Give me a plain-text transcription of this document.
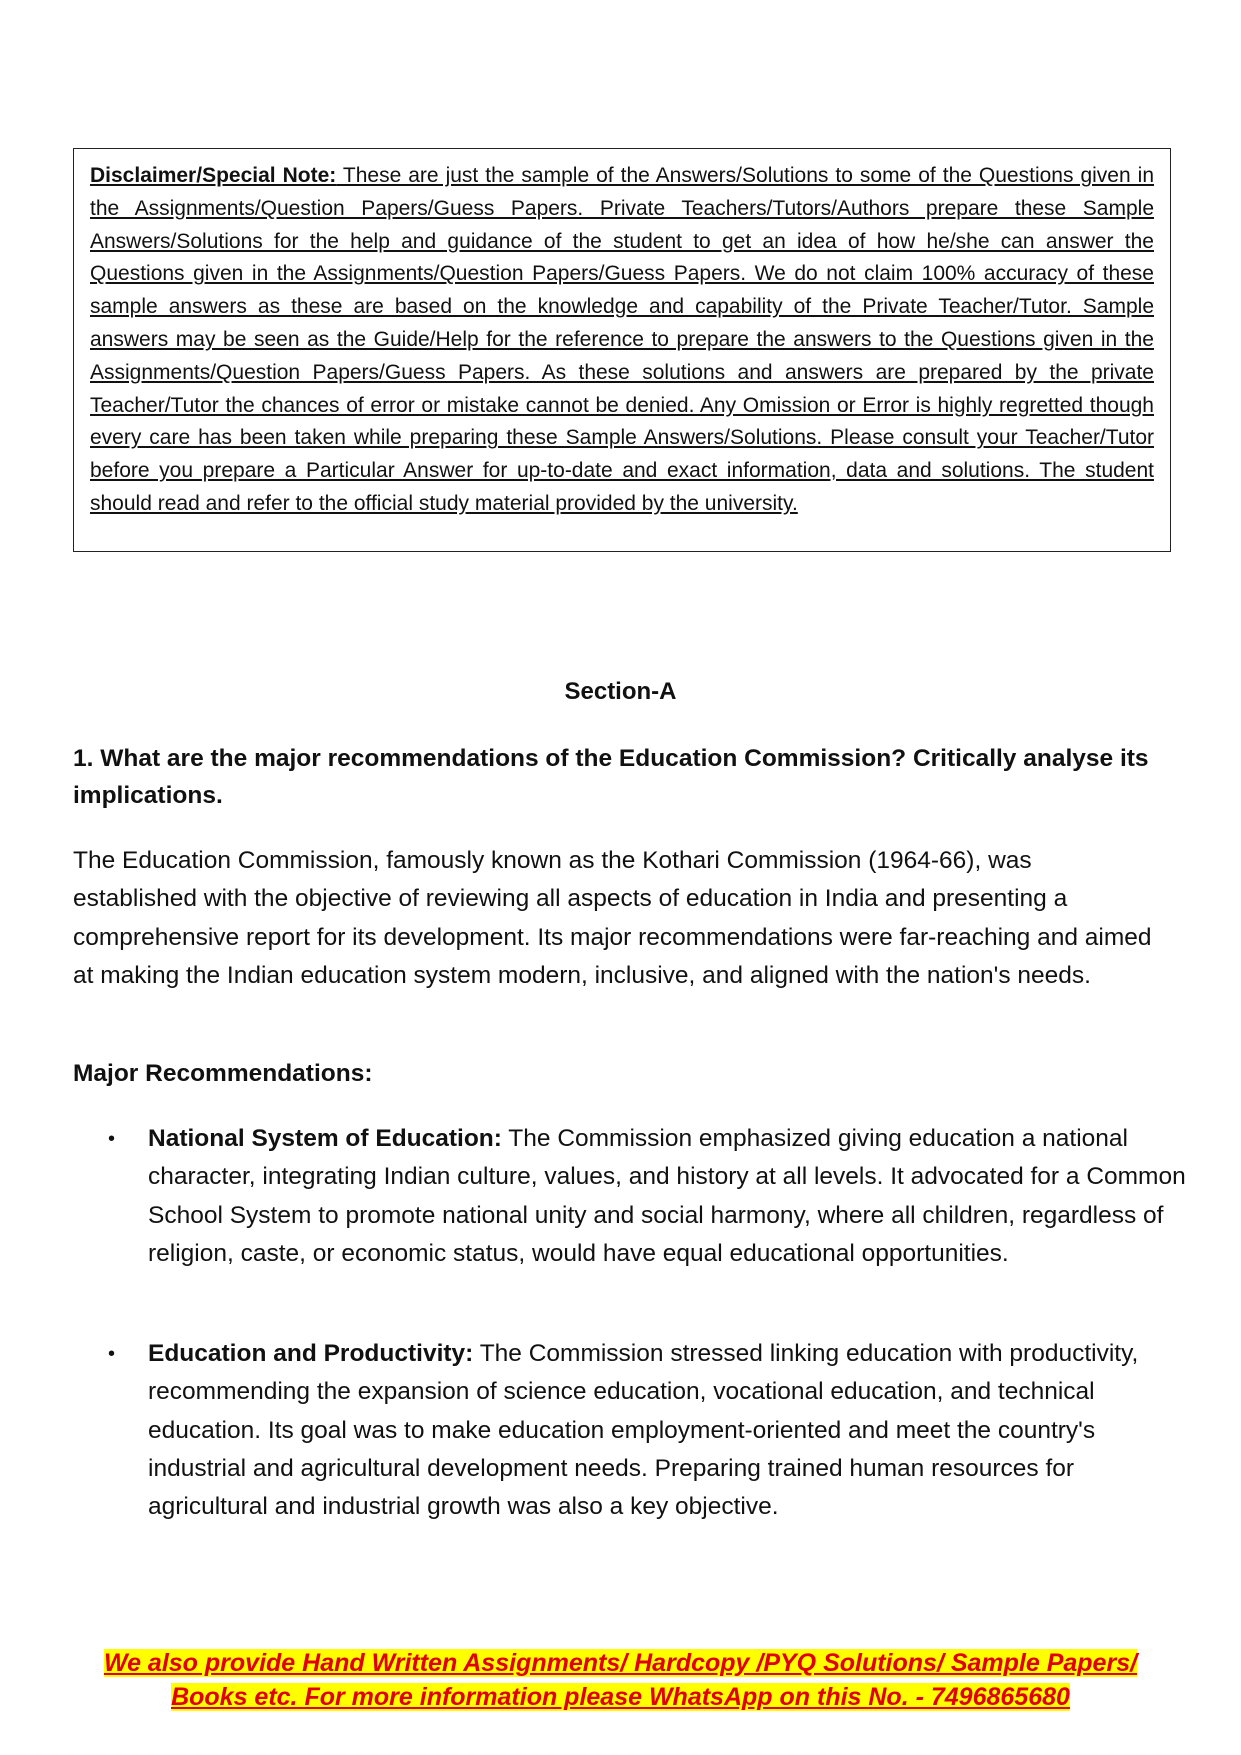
Disclaimer/Special Note: These are just the sample of the Answers/Solutions to some of the Questions given in the Assignments/Question Papers/Guess Papers. Private Teachers/Tutors/Authors prepare these Sample Answers/Solutions for the help and guidance of the student to get an idea of how he/she can answer the Questions given in the Assignments/Question Papers/Guess Papers. We do not claim 100% accuracy of these sample answers as these are based on the knowledge and capability of the Private Teacher/Tutor. Sample answers may be seen as the Guide/Help for the reference to prepare the answers to the Questions given in the Assignments/Question Papers/Guess Papers. As these solutions and answers are prepared by the private Teacher/Tutor the chances of error or mistake cannot be denied. Any Omission or Error is highly regretted though every care has been taken while preparing these Sample Answers/Solutions. Please consult your Teacher/Tutor before you prepare a Particular Answer for up-to-date and exact information, data and solutions. The student should read and refer to the official study material provided by the university.
Section-A
1. What are the major recommendations of the Education Commission? Critically analyse its implications.
The Education Commission, famously known as the Kothari Commission (1964-66), was established with the objective of reviewing all aspects of education in India and presenting a comprehensive report for its development. Its major recommendations were far-reaching and aimed at making the Indian education system modern, inclusive, and aligned with the nation's needs.
Major Recommendations:
• National System of Education: The Commission emphasized giving education a national character, integrating Indian culture, values, and history at all levels. It advocated for a Common School System to promote national unity and social harmony, where all children, regardless of religion, caste, or economic status, would have equal educational opportunities.
• Education and Productivity: The Commission stressed linking education with productivity, recommending the expansion of science education, vocational education, and technical education. Its goal was to make education employment-oriented and meet the country's industrial and agricultural development needs. Preparing trained human resources for agricultural and industrial growth was also a key objective.
We also provide Hand Written Assignments/ Hardcopy /PYQ Solutions/ Sample Papers/
Books etc. For more information please WhatsApp on this No. - 7496865680
